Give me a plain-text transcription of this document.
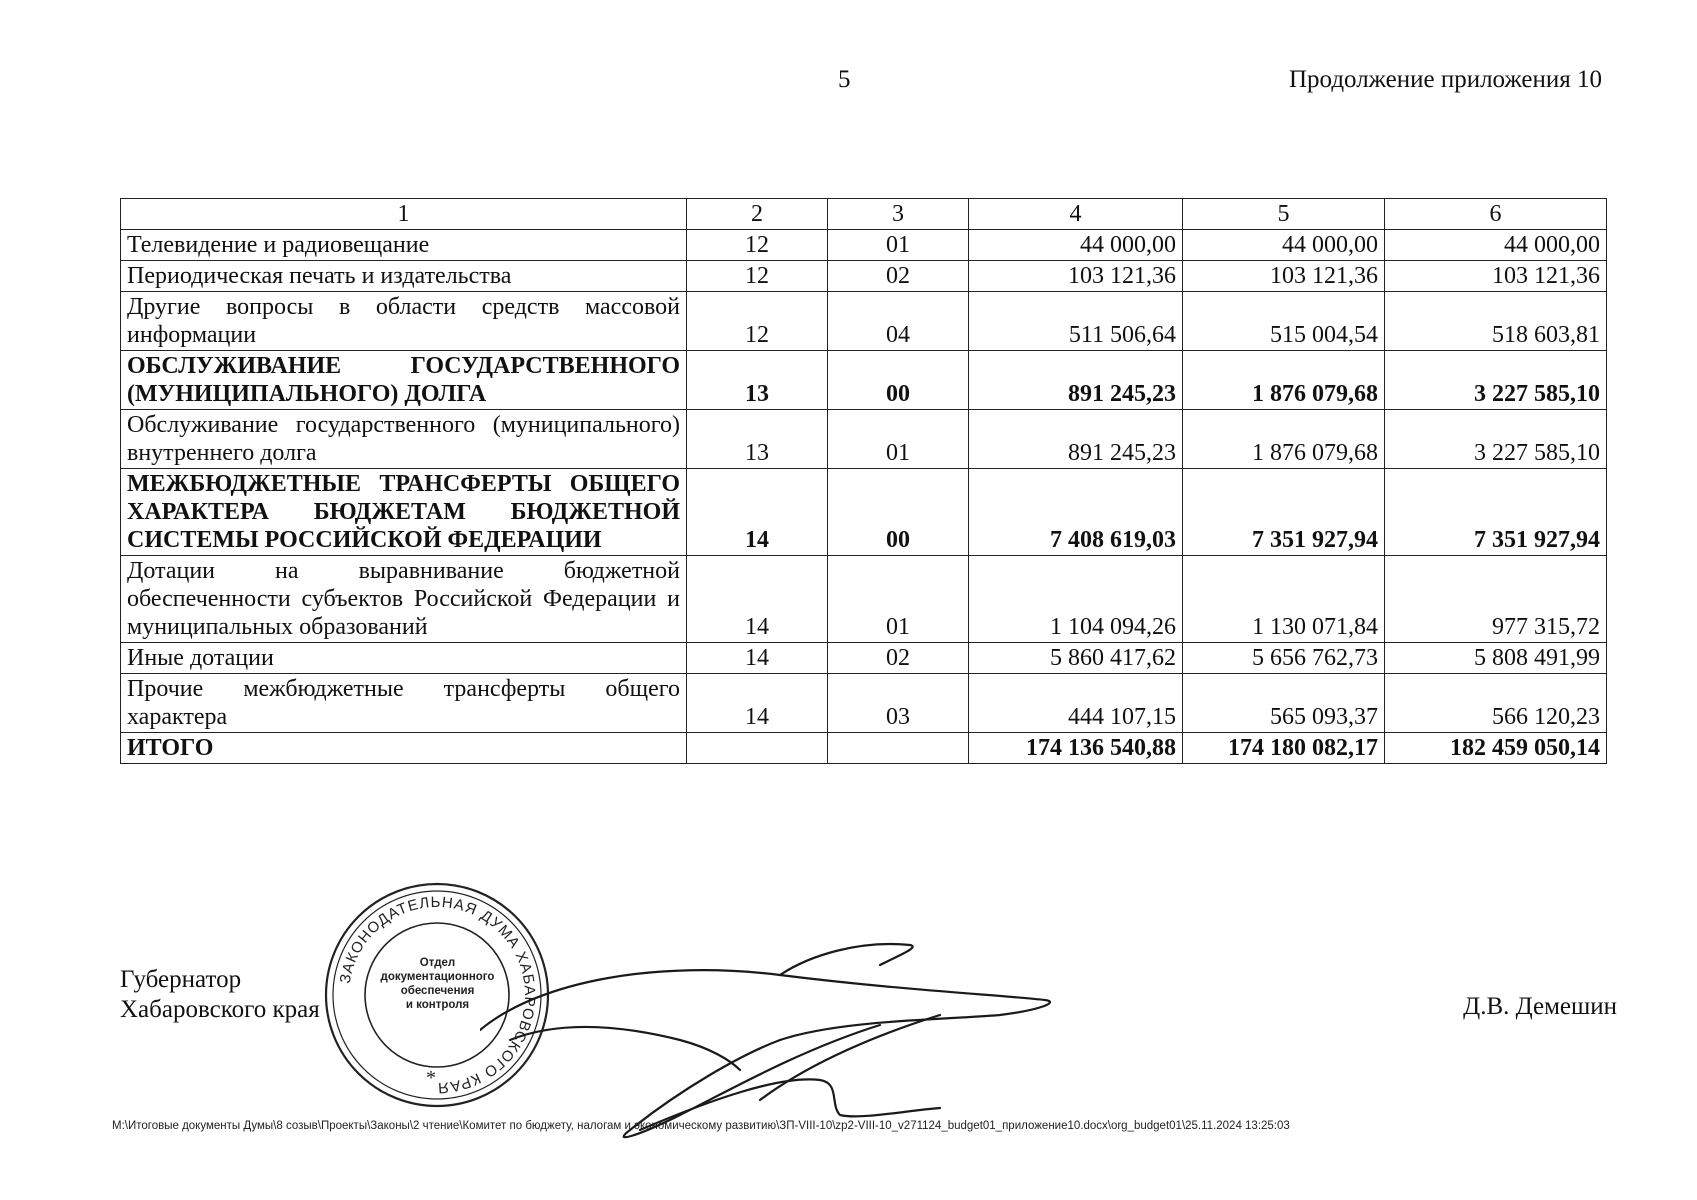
5	Продолжение приложения 10
1	2	3	4	5	6
Телевидение и радиовещание	12	01	44 000,00	44 000,00	44 000,00
Периодическая печать и издательства	12	02	103 121,36	103 121,36	103 121,36
Другие вопросы в области средств массовой информации	12	04	511 506,64	515 004,54	518 603,81
ОБСЛУЖИВАНИЕ ГОСУДАРСТВЕННОГО (МУНИЦИПАЛЬНОГО) ДОЛГА	13	00	891 245,23	1 876 079,68	3 227 585,10
Обслуживание государственного (муниципального) внутреннего долга	13	01	891 245,23	1 876 079,68	3 227 585,10
МЕЖБЮДЖЕТНЫЕ ТРАНСФЕРТЫ ОБЩЕГО ХАРАКТЕРА БЮДЖЕТАМ БЮДЖЕТНОЙ СИСТЕМЫ РОССИЙСКОЙ ФЕДЕРАЦИИ	14	00	7 408 619,03	7 351 927,94	7 351 927,94
Дотации на выравнивание бюджетной обеспеченности субъектов Российской Федерации и муниципальных образований	14	01	1 104 094,26	1 130 071,84	977 315,72
Иные дотации	14	02	5 860 417,62	5 656 762,73	5 808 491,99
Прочие межбюджетные трансферты общего характера	14	03	444 107,15	565 093,37	566 120,23
ИТОГО			174 136 540,88	174 180 082,17	182 459 050,14
Губернатор
Хабаровского края	Д.В. Демешин
ЗАКОНОДАТЕЛЬНАЯ ДУМА ХАБАРОВСКОГО КРАЯ
Отдел
документационного
обеспечения
и контроля
*
M:\Итоговые документы Думы\8 созыв\Проекты\Законы\2 чтение\Комитет по бюджету, налогам и экономическому развитию\ЗП-VIII-10\zp2-VIII-10_v271124_budget01_приложение10.docx\org_budget01\25.11.2024 13:25:03
